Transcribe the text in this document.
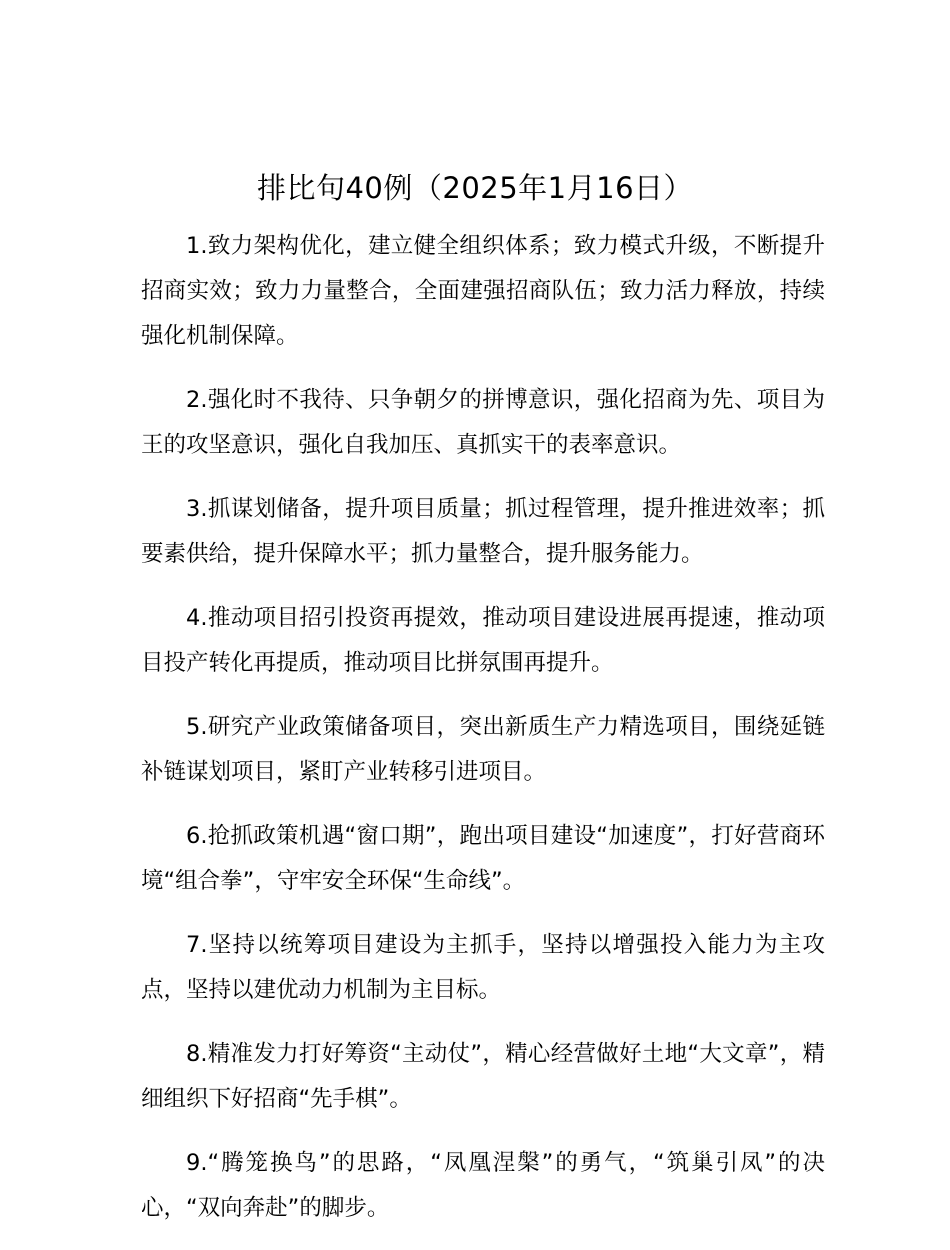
排比句40例（2025年1月16日）

1.致力架构优化，建立健全组织体系；致力模式升级，不断提升招商实效；致力力量整合，全面建强招商队伍；致力活力释放，持续强化机制保障。

2.强化时不我待、只争朝夕的拼博意识，强化招商为先、项目为王的攻坚意识，强化自我加压、真抓实干的表率意识。

3.抓谋划储备，提升项目质量；抓过程管理，提升推进效率；抓要素供给，提升保障水平；抓力量整合，提升服务能力。

4.推动项目招引投资再提效，推动项目建设进展再提速，推动项目投产转化再提质，推动项目比拼氛围再提升。

5.研究产业政策储备项目，突出新质生产力精选项目，围绕延链补链谋划项目，紧盯产业转移引进项目。

6.抢抓政策机遇“窗口期”，跑出项目建设“加速度”，打好营商环境“组合拳”，守牢安全环保“生命线”。

7.坚持以统筹项目建设为主抓手，坚持以增强投入能力为主攻点，坚持以建优动力机制为主目标。

8.精准发力打好筹资“主动仗”，精心经营做好土地“大文章”，精细组织下好招商“先手棋”。

9.“腾笼换鸟”的思路，“凤凰涅槃”的勇气，“筑巢引凤”的决心，“双向奔赴”的脚步。
